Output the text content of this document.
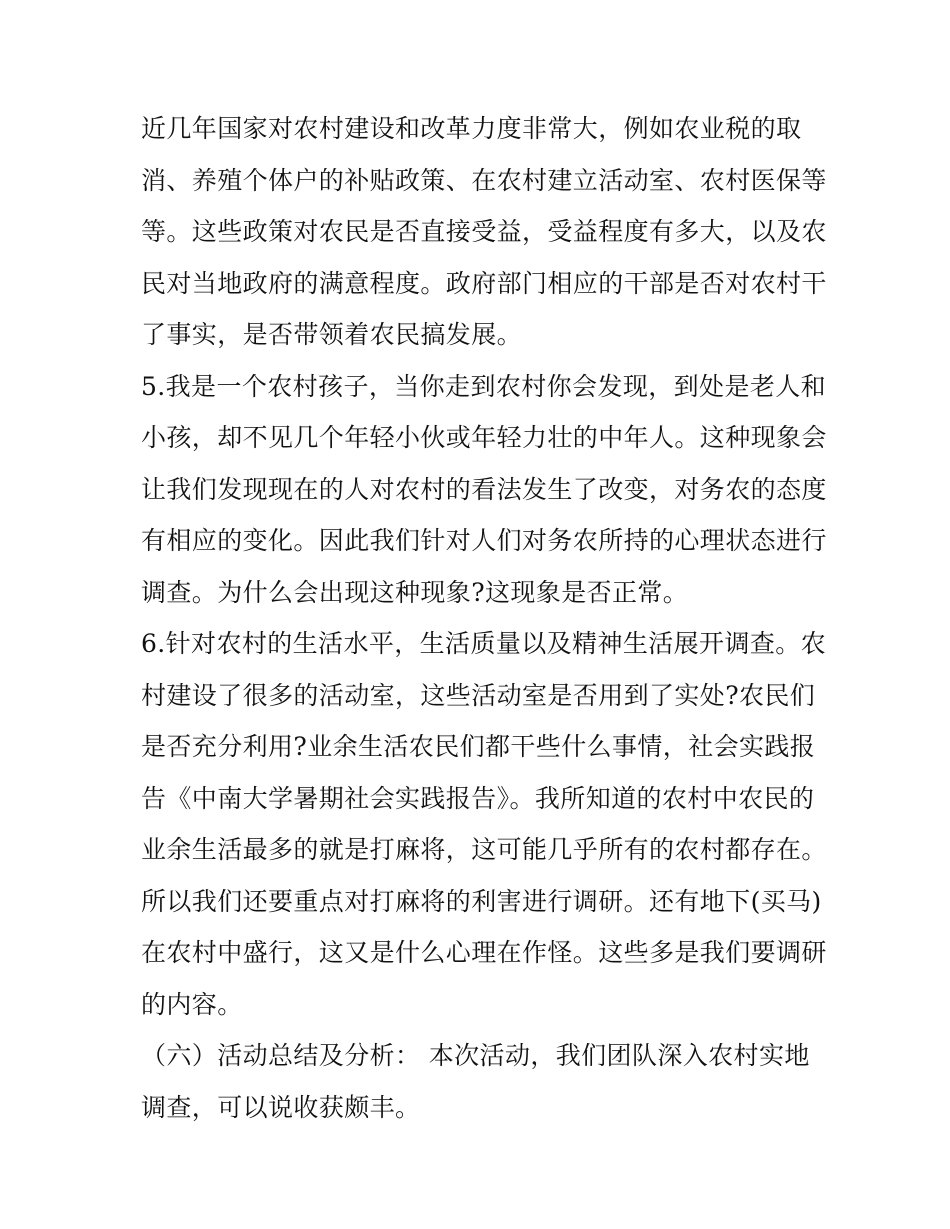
近几年国家对农村建设和改革力度非常大，例如农业税的取
消、养殖个体户的补贴政策、在农村建立活动室、农村医保等
等。这些政策对农民是否直接受益，受益程度有多大，以及农
民对当地政府的满意程度。政府部门相应的干部是否对农村干
了事实，是否带领着农民搞发展。
5.我是一个农村孩子，当你走到农村你会发现，到处是老人和
小孩，却不见几个年轻小伙或年轻力壮的中年人。这种现象会
让我们发现现在的人对农村的看法发生了改变，对务农的态度
有相应的变化。因此我们针对人们对务农所持的心理状态进行
调查。为什么会出现这种现象?这现象是否正常。
6.针对农村的生活水平，生活质量以及精神生活展开调查。农
村建设了很多的活动室，这些活动室是否用到了实处?农民们
是否充分利用?业余生活农民们都干些什么事情，社会实践报
告《中南大学暑期社会实践报告》。我所知道的农村中农民的
业余生活最多的就是打麻将，这可能几乎所有的农村都存在。
所以我们还要重点对打麻将的利害进行调研。还有地下(买马)
在农村中盛行，这又是什么心理在作怪。这些多是我们要调研
的内容。
（六）活动总结及分析： 本次活动，我们团队深入农村实地
调查，可以说收获颇丰。
